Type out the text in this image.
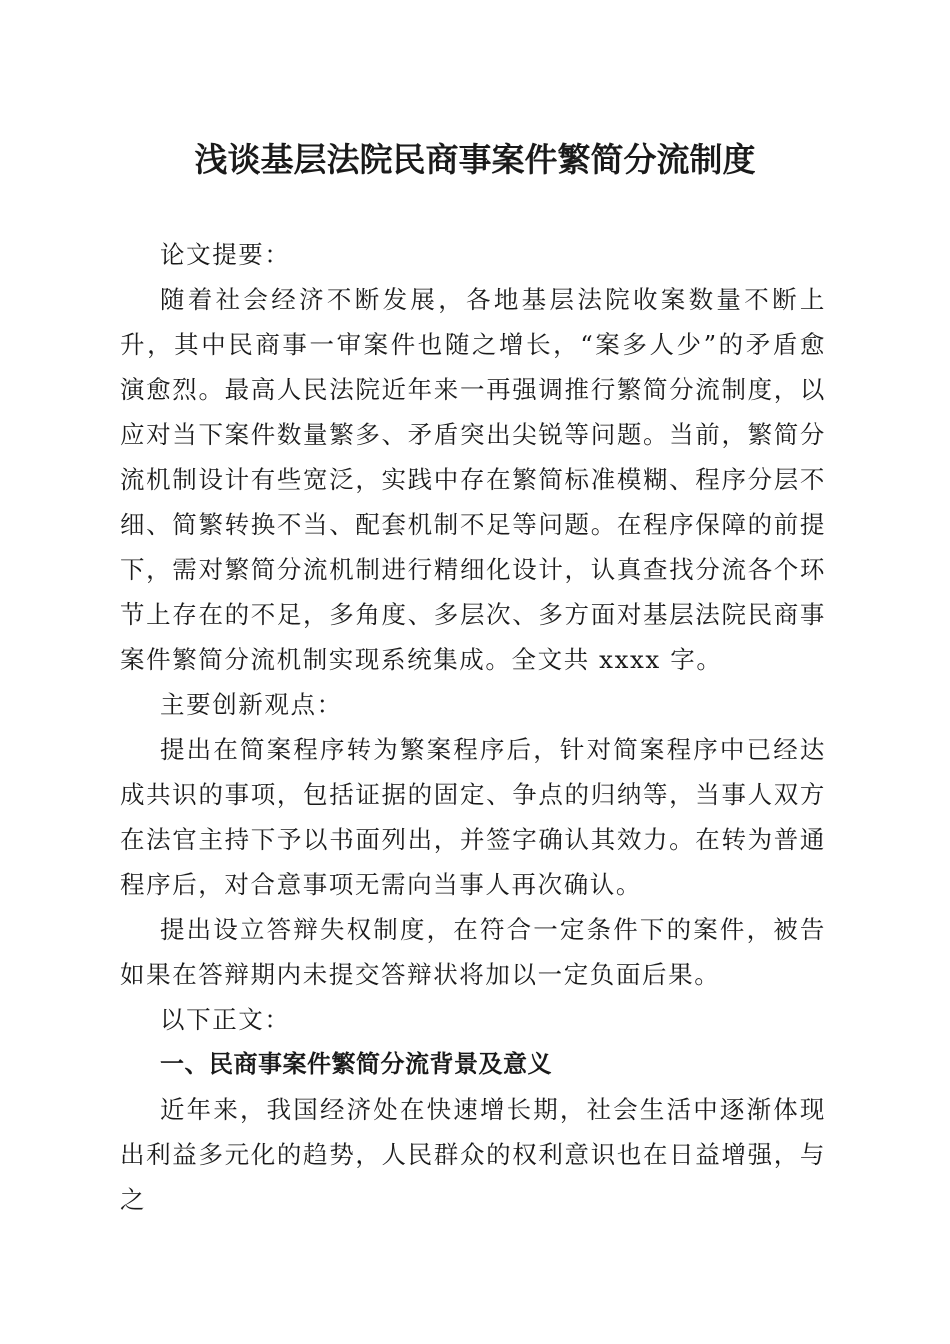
浅谈基层法院民商事案件繁简分流制度

论文提要：

随着社会经济不断发展，各地基层法院收案数量不断上升，其中民商事一审案件也随之增长，“案多人少”的矛盾愈演愈烈。最高人民法院近年来一再强调推行繁简分流制度，以应对当下案件数量繁多、矛盾突出尖锐等问题。当前，繁简分流机制设计有些宽泛，实践中存在繁简标准模糊、程序分层不细、简繁转换不当、配套机制不足等问题。在程序保障的前提下，需对繁简分流机制进行精细化设计，认真查找分流各个环节上存在的不足，多角度、多层次、多方面对基层法院民商事案件繁简分流机制实现系统集成。全文共 xxxx 字。

主要创新观点：

提出在简案程序转为繁案程序后，针对简案程序中已经达成共识的事项，包括证据的固定、争点的归纳等，当事人双方在法官主持下予以书面列出，并签字确认其效力。在转为普通程序后，对合意事项无需向当事人再次确认。

提出设立答辩失权制度，在符合一定条件下的案件，被告如果在答辩期内未提交答辩状将加以一定负面后果。

以下正文：

一、民商事案件繁简分流背景及意义

近年来，我国经济处在快速增长期，社会生活中逐渐体现出利益多元化的趋势，人民群众的权利意识也在日益增强，与之
